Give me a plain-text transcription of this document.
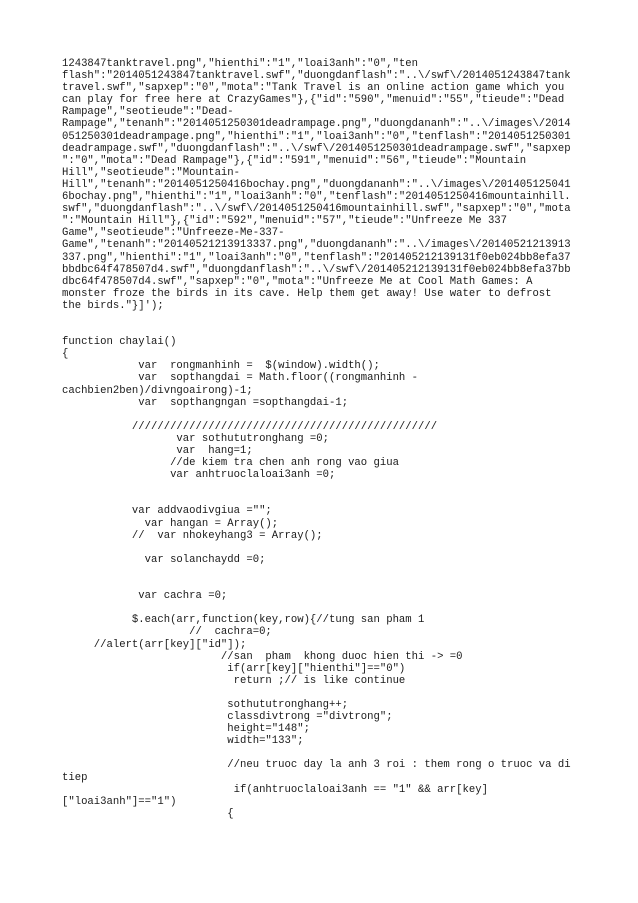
1243847tanktravel.png","hienthi":"1","loai3anh":"0","ten
flash":"2014051243847tanktravel.swf","duongdanflash":"..\/swf\/2014051243847tank
travel.swf","sapxep":"0","mota":"Tank Travel is an online action game which you
can play for free here at CrazyGames"},{"id":"590","menuid":"55","tieude":"Dead
Rampage","seotieude":"Dead-
Rampage","tenanh":"2014051250301deadrampage.png","duongdananh":"..\/images\/2014
051250301deadrampage.png","hienthi":"1","loai3anh":"0","tenflash":"2014051250301
deadrampage.swf","duongdanflash":"..\/swf\/2014051250301deadrampage.swf","sapxep
":"0","mota":"Dead Rampage"},{"id":"591","menuid":"56","tieude":"Mountain
Hill","seotieude":"Mountain-
Hill","tenanh":"2014051250416bochay.png","duongdananh":"..\/images\/201405125041
6bochay.png","hienthi":"1","loai3anh":"0","tenflash":"2014051250416mountainhill.
swf","duongdanflash":"..\/swf\/2014051250416mountainhill.swf","sapxep":"0","mota
":"Mountain Hill"},{"id":"592","menuid":"57","tieude":"Unfreeze Me 337
Game","seotieude":"Unfreeze-Me-337-
Game","tenanh":"20140521213913337.png","duongdananh":"..\/images\/20140521213913
337.png","hienthi":"1","loai3anh":"0","tenflash":"201405212139131f0eb024bb8efa37
bbdbc64f478507d4.swf","duongdanflash":"..\/swf\/201405212139131f0eb024bb8efa37bb
dbc64f478507d4.swf","sapxep":"0","mota":"Unfreeze Me at Cool Math Games: A
monster froze the birds in its cave. Help them get away! Use water to defrost
the birds."}]');
function chaylai()
{
var  rongmanhinh =  $(window).width();
var  sopthangdai = Math.floor((rongmanhinh -
cachbien2ben)/divngoairong)-1;
var  sopthangngan =sopthangdai-1;
////////////////////////////////////////////////
var sothututronghang =0;
var  hang=1;
//de kiem tra chen anh rong vao giua
var anhtruoclaloai3anh =0;
var addvaodivgiua ="";
var hangan = Array();
//  var nhokeyhang3 = Array();
var solanchaydd =0;
var cachra =0;
$.each(arr,function(key,row){//tung san pham 1
//  cachra=0;
//alert(arr[key]["id"]);
//san  pham  khong duoc hien thi -> =0
if(arr[key]["hienthi"]=="0")
return ;// is like continue
sothututronghang++;
classdivtrong ="divtrong";
height="148";
width="133";
//neu truoc day la anh 3 roi : them rong o truoc va di
tiep
if(anhtruoclaloai3anh == "1" && arr[key]
["loai3anh"]=="1")
{
